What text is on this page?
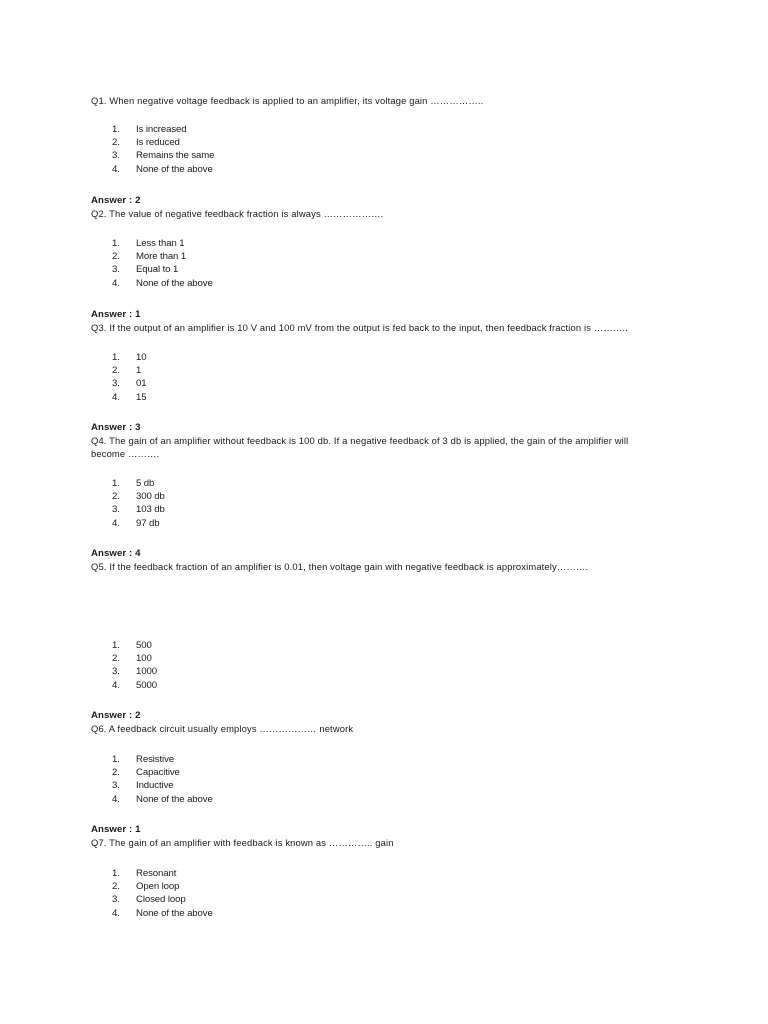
Q1. When negative voltage feedback is applied to an amplifier, its voltage gain ……………..
1.	Is increased
2.	Is reduced
3.	Remains the same
4.	None of the above
Answer : 2
Q2. The value of negative feedback fraction is always ……………….
1.	Less than 1
2.	More than 1
3.	Equal to 1
4.	None of the above
Answer : 1
Q3. If the output of an amplifier is 10 V and 100 mV from the output is fed back to the input, then feedback fraction is ………..
1.	10
2.	1
3.	01
4.	15
Answer : 3
Q4. The gain of an amplifier without feedback is 100 db. If a negative feedback of 3 db is applied, the gain of the amplifier will become ……….
1.	5 db
2.	300 db
3.	103 db
4.	97 db
Answer : 4
Q5. If the feedback fraction of an amplifier is 0.01, then voltage gain with negative feedback is approximately……….
1.	500
2.	100
3.	1000
4.	5000
Answer : 2
Q6. A feedback circuit usually employs ……………… network
1.	Resistive
2.	Capacitive
3.	Inductive
4.	None of the above
Answer : 1
Q7. The gain of an amplifier with feedback is known as ………….. gain
1.	Resonant
2.	Open loop
3.	Closed loop
4.	None of the above
